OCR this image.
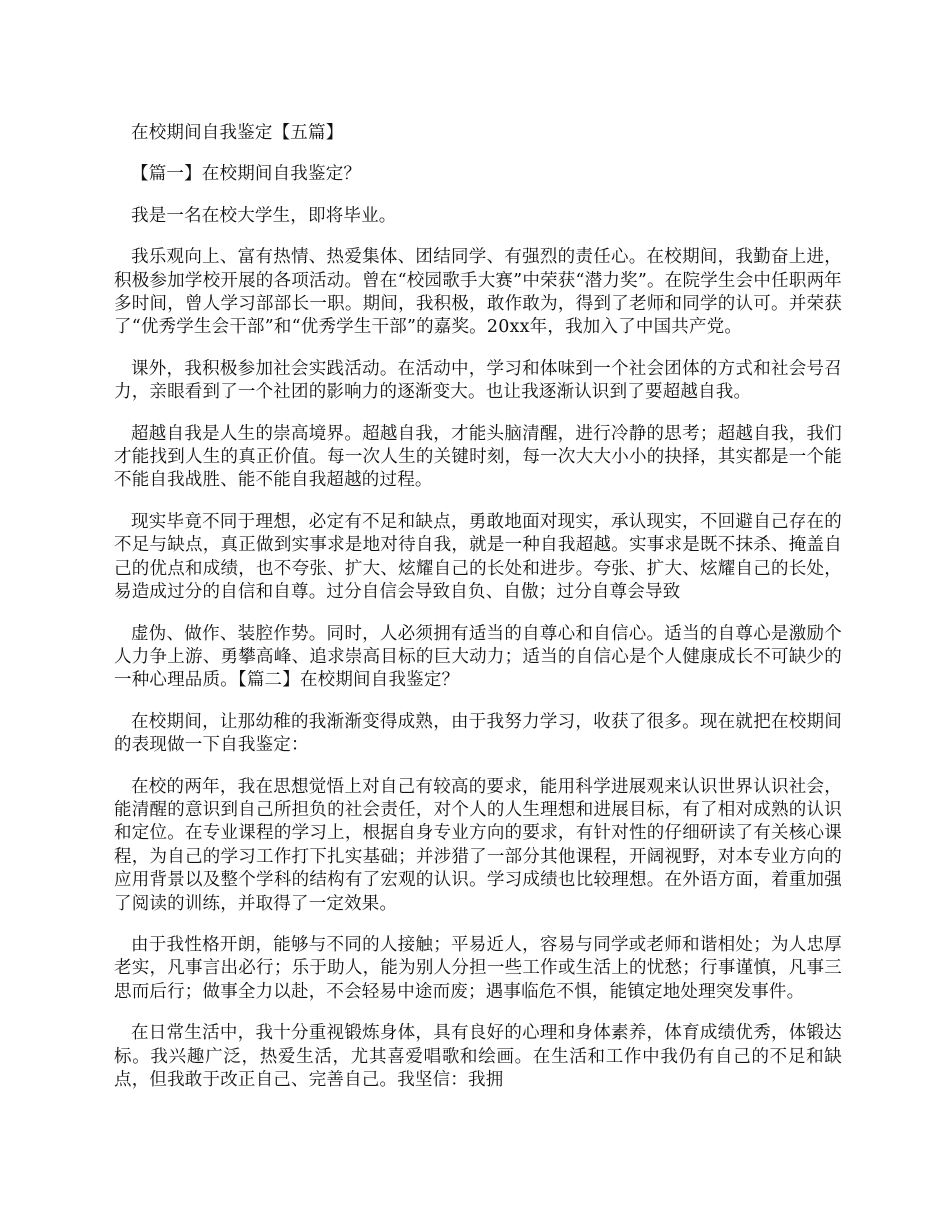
在校期间自我鉴定【五篇】

【篇一】在校期间自我鉴定？

我是一名在校大学生，即将毕业。

我乐观向上、富有热情、热爱集体、团结同学、有强烈的责任心。在校期间，我勤奋上进，积极参加学校开展的各项活动。曾在“校园歌手大赛”中荣获“潜力奖”。在院学生会中任职两年多时间，曾人学习部部长一职。期间，我积极，敢作敢为，得到了老师和同学的认可。并荣获了“优秀学生会干部”和“优秀学生干部”的嘉奖。20xx年，我加入了中国共产党。

课外，我积极参加社会实践活动。在活动中，学习和体味到一个社会团体的方式和社会号召力，亲眼看到了一个社团的影响力的逐渐变大。也让我逐渐认识到了要超越自我。

超越自我是人生的崇高境界。超越自我，才能头脑清醒，进行冷静的思考；超越自我，我们才能找到人生的真正价值。每一次人生的关键时刻，每一次大大小小的抉择，其实都是一个能不能自我战胜、能不能自我超越的过程。

现实毕竟不同于理想，必定有不足和缺点，勇敢地面对现实，承认现实，不回避自己存在的不足与缺点，真正做到实事求是地对待自我，就是一种自我超越。实事求是既不抹杀、掩盖自己的优点和成绩，也不夸张、扩大、炫耀自己的长处和进步。夸张、扩大、炫耀自己的长处，易造成过分的自信和自尊。过分自信会导致自负、自傲；过分自尊会导致

虚伪、做作、装腔作势。同时，人必须拥有适当的自尊心和自信心。适当的自尊心是激励个人力争上游、勇攀高峰、追求崇高目标的巨大动力；适当的自信心是个人健康成长不可缺少的一种心理品质。【篇二】在校期间自我鉴定？

在校期间，让那幼稚的我渐渐变得成熟，由于我努力学习，收获了很多。现在就把在校期间的表现做一下自我鉴定：

在校的两年，我在思想觉悟上对自己有较高的要求，能用科学进展观来认识世界认识社会，能清醒的意识到自己所担负的社会责任，对个人的人生理想和进展目标，有了相对成熟的认识和定位。在专业课程的学习上，根据自身专业方向的要求，有针对性的仔细研读了有关核心课程，为自己的学习工作打下扎实基础；并涉猎了一部分其他课程，开阔视野，对本专业方向的应用背景以及整个学科的结构有了宏观的认识。学习成绩也比较理想。在外语方面，着重加强了阅读的训练，并取得了一定效果。

由于我性格开朗，能够与不同的人接触；平易近人，容易与同学或老师和谐相处；为人忠厚老实，凡事言出必行；乐于助人，能为别人分担一些工作或生活上的忧愁；行事谨慎，凡事三思而后行；做事全力以赴，不会轻易中途而废；遇事临危不惧，能镇定地处理突发事件。

在日常生活中，我十分重视锻炼身体，具有良好的心理和身体素养，体育成绩优秀，体锻达标。我兴趣广泛，热爱生活，尤其喜爱唱歌和绘画。在生活和工作中我仍有自己的不足和缺点，但我敢于改正自己、完善自己。我坚信：我拥
